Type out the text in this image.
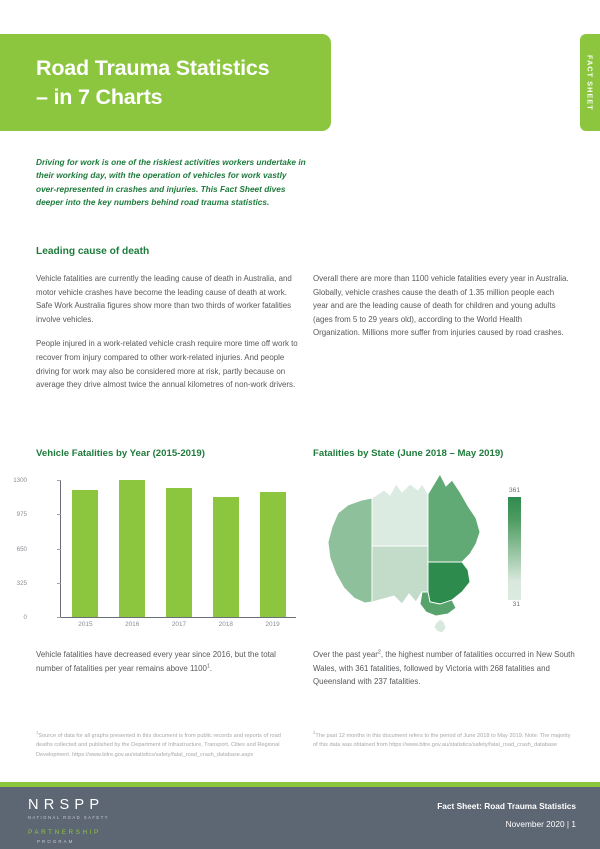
Road Trauma Statistics
– in 7 Charts	FACT SHEET
Driving for work is one of the riskiest activities workers undertake in their working day, with the operation of vehicles for work vastly over-represented in crashes and injuries. This Fact Sheet dives deeper into the key numbers behind road trauma statistics.
Leading cause of death

Vehicle fatalities are currently the leading cause of death in Australia, and motor vehicle crashes have become the leading cause of death at work. Safe Work Australia figures show more than two thirds of worker fatalities involve vehicles.

People injured in a work-related vehicle crash require more time off work to recover from injury compared to other work-related injuries. And people driving for work may also be considered more at risk, partly because on average they drive almost twice the annual kilometres of non-work drivers.

Overall there are more than 1100 vehicle fatalities every year in Australia. Globally, vehicle crashes cause the death of 1.35 million people each year and are the leading cause of death for children and young adults (ages from 5 to 29 years old), according to the World Health Organization. Millions more suffer from injuries caused by road crashes.

Vehicle Fatalities by Year (2015-2019)
0
325
650
975
1300
2015	2016	2017	2018	2019
Fatalities by State (June 2018 – May 2019)
361
31
Vehicle fatalities have decreased every year since 2016, but the total number of fatalities per year remains above 1100$^1$.
Over the past year$^2$, the highest number of fatalities occurred in New South Wales, with 361 fatalities, followed by Victoria with 268 fatalities and Queensland with 237 fatalities.
$^1$Source of data for all graphs presented in this document is from public records and reports of road deaths collected and published by the Department of Infrastructure, Transport, Cities and Regional Development. https://www.bitre.gov.au/statistics/safety/fatal_road_crash_database.aspx
$^2$The past 12 months in this document refers to the period of June 2018 to May 2019. Note: The majority of this data was obtained from https://www.bitre.gov.au/statistics/safety/fatal_road_crash_database
NRSPP
NATIONAL ROAD SAFETY
PARTNERSHIP
PROGRAM
Fact Sheet: Road Trauma Statistics
November 2020 | 1
